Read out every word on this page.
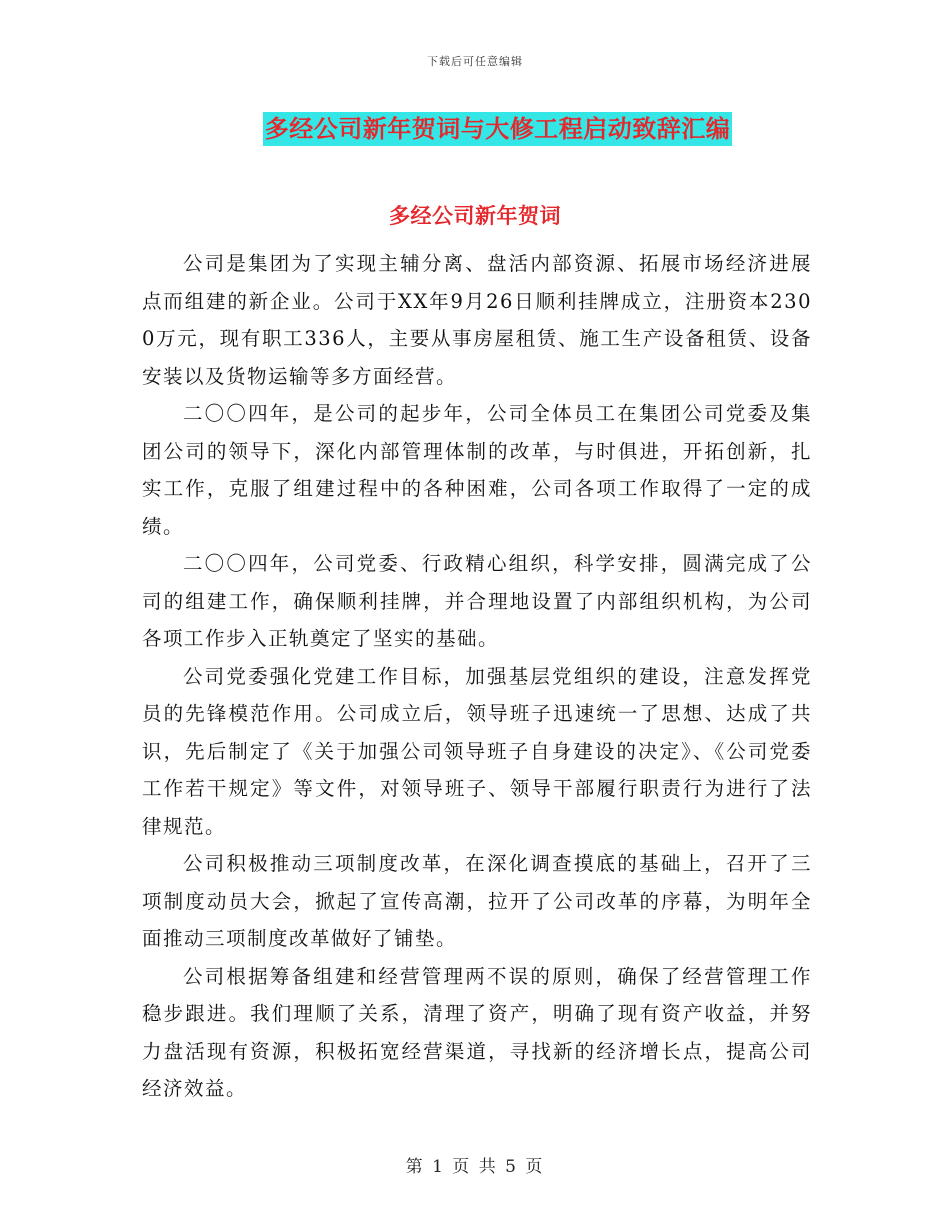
下载后可任意编辑
多经公司新年贺词与大修工程启动致辞汇编
多经公司新年贺词

公司是集团为了实现主辅分离、盘活内部资源、拓展市场经济进展点而组建的新企业。公司于XX年9月26日顺利挂牌成立，注册资本2300万元，现有职工336人，主要从事房屋租赁、施工生产设备租赁、设备安装以及货物运输等多方面经营。

二〇〇四年，是公司的起步年，公司全体员工在集团公司党委及集团公司的领导下，深化内部管理体制的改革，与时俱进，开拓创新，扎实工作，克服了组建过程中的各种困难，公司各项工作取得了一定的成绩。

二〇〇四年，公司党委、行政精心组织，科学安排，圆满完成了公司的组建工作，确保顺利挂牌，并合理地设置了内部组织机构，为公司各项工作步入正轨奠定了坚实的基础。

公司党委强化党建工作目标，加强基层党组织的建设，注意发挥党员的先锋模范作用。公司成立后，领导班子迅速统一了思想、达成了共识，先后制定了《关于加强公司领导班子自身建设的决定》、《公司党委工作若干规定》等文件，对领导班子、领导干部履行职责行为进行了法律规范。

公司积极推动三项制度改革，在深化调查摸底的基础上，召开了三项制度动员大会，掀起了宣传高潮，拉开了公司改革的序幕，为明年全面推动三项制度改革做好了铺垫。

公司根据筹备组建和经营管理两不误的原则，确保了经营管理工作稳步跟进。我们理顺了关系，清理了资产，明确了现有资产收益，并努力盘活现有资源，积极拓宽经营渠道，寻找新的经济增长点，提高公司经济效益。

第 1 页 共 5 页
